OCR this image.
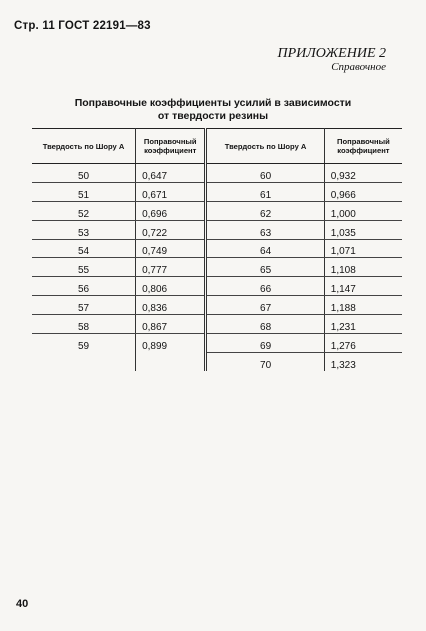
Стр. 11 ГОСТ 22191—83
ПРИЛОЖЕНИЕ 2
Справочное
Поправочные коэффициенты усилий в зависимости
от твердости резины
Твердость по Шору А	Поправочный коэффициент	Твердость по Шору А	Поправочный коэффициент
50	0,647	60	0,932
51	0,671	61	0,966
52	0,696	62	1,000
53	0,722	63	1,035
54	0,749	64	1,071
55	0,777	65	1,108
56	0,806	66	1,147
57	0,836	67	1,188
58	0,867	68	1,231
59	0,899	69	1,276
		70	1,323
40
